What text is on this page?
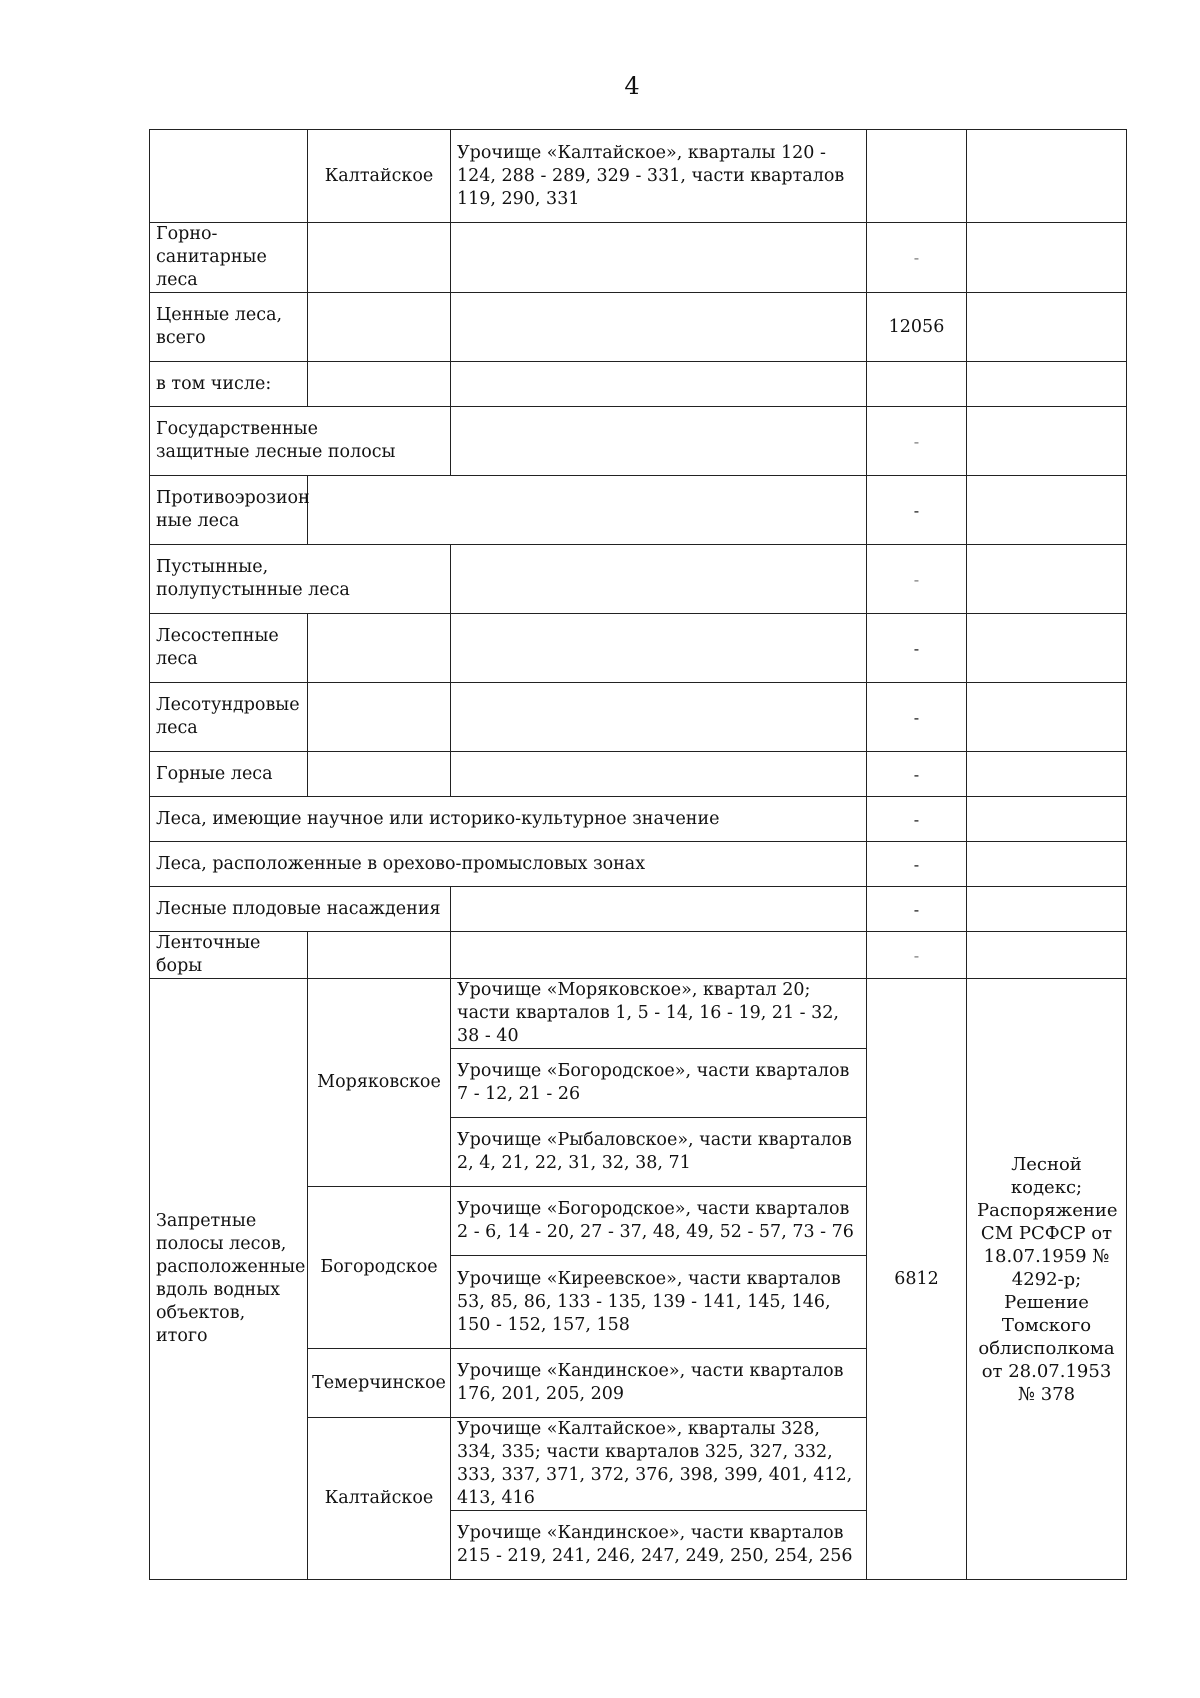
4
	Калтайское	Урочище «Калтайское», кварталы 120 - 124, 288 - 289, 329 - 331, части кварталов 119, 290, 331		
Горно-санитарные леса			-	
Ценные леса, всего			12056	
в том числе:				

Государственные защитные лесные полосы			-	
Противоэрозион ные леса			-	

Пустынные, полупустынные леса			-	
Лесостепные леса			-	
Лесотундровые леса			-	
Горные леса			-	
Леса, имеющие научное или историко-культурное значение			-	
Леса, расположенные в орехово-промысловых зонах			-	
Лесные плодовые насаждения			-	
Ленточные боры			-	
Запретные полосы лесов, расположенные вдоль водных объектов, итого	Моряковское	Урочище «Моряковское», квартал 20; части кварталов 1, 5 - 14, 16 - 19, 21 - 32, 38 - 40	6812	Лесной кодекс; Распоряжение СМ РСФСР от 18.07.1959 № 4292-р; Решение Томского облисполкома от 28.07.1953 № 378
		Урочище «Богородское», части кварталов 7 - 12, 21 - 26		
		Урочище «Рыбаловское», части кварталов 2, 4, 21, 22, 31, 32, 38, 71		
	Богородское	Урочище «Богородское», части кварталов 2 - 6, 14 - 20, 27 - 37, 48, 49, 52 - 57, 73 - 76		
		Урочище «Киреевское», части кварталов 53, 85, 86, 133 - 135, 139 - 141, 145, 146, 150 - 152, 157, 158		
	Темерчинское	Урочище «Кандинское», части кварталов 176, 201, 205, 209		
	Калтайское	Урочище «Калтайское», кварталы 328, 334, 335; части кварталов 325, 327, 332, 333, 337, 371, 372, 376, 398, 399, 401, 412, 413, 416		
		Урочище «Кандинское», части кварталов 215 - 219, 241, 246, 247, 249, 250, 254, 256		
